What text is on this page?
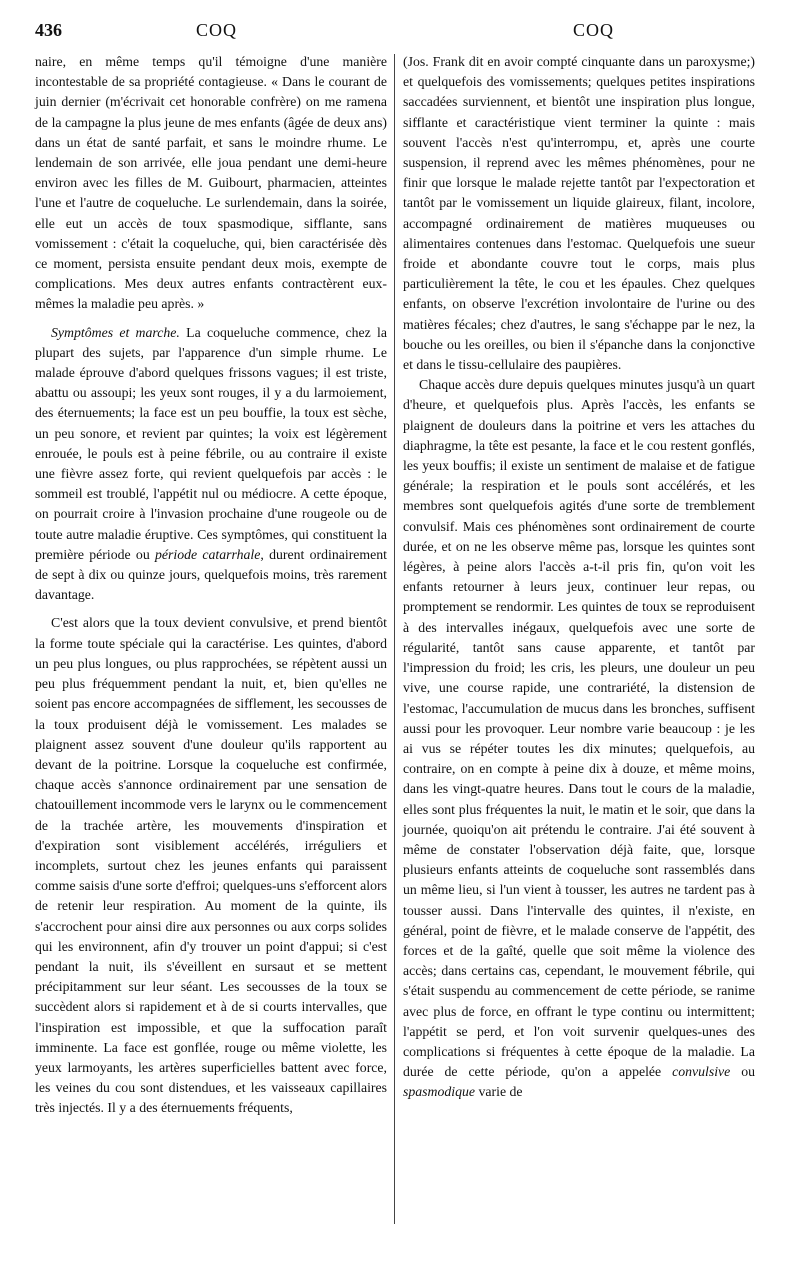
436	COQ	COQ

naire, en même temps qu'il témoigne d'une manière incontestable de sa propriété contagieuse. « Dans le courant de juin dernier (m'écrivait cet honorable confrère) on me ramena de la campagne la plus jeune de mes enfants (âgée de deux ans) dans un état de santé parfait, et sans le moindre rhume. Le lendemain de son arrivée, elle joua pendant une demi-heure environ avec les filles de M. Guibourt, pharmacien, atteintes l'une et l'autre de coqueluche. Le surlendemain, dans la soirée, elle eut un accès de toux spasmodique, sifflante, sans vomissement : c'était la coqueluche, qui, bien caractérisée dès ce moment, persista ensuite pendant deux mois, exempte de complications. Mes deux autres enfants contractèrent eux-mêmes la maladie peu après. »

Symptômes et marche. La coqueluche commence, chez la plupart des sujets, par l'apparence d'un simple rhume. Le malade éprouve d'abord quelques frissons vagues; il est triste, abattu ou assoupi; les yeux sont rouges, il y a du larmoiement, des éternuements; la face est un peu bouffie, la toux est sèche, un peu sonore, et revient par quintes; la voix est légèrement enrouée, le pouls est à peine fébrile, ou au contraire il existe une fièvre assez forte, qui revient quelquefois par accès : le sommeil est troublé, l'appétit nul ou médiocre. A cette époque, on pourrait croire à l'invasion prochaine d'une rougeole ou de toute autre maladie éruptive. Ces symptômes, qui constituent la première période ou période catarrhale, durent ordinairement de sept à dix ou quinze jours, quelquefois moins, très rarement davantage.

C'est alors que la toux devient convulsive, et prend bientôt la forme toute spéciale qui la caractérise. Les quintes, d'abord un peu plus longues, ou plus rapprochées, se répètent aussi un peu plus fréquemment pendant la nuit, et, bien qu'elles ne soient pas encore accompagnées de sifflement, les secousses de la toux produisent déjà le vomissement. Les malades se plaignent assez souvent d'une douleur qu'ils rapportent au devant de la poitrine. Lorsque la coqueluche est confirmée, chaque accès s'annonce ordinairement par une sensation de chatouillement incommode vers le larynx ou le commencement de la trachée artère, les mouvements d'inspiration et d'expiration sont visiblement accélérés, irréguliers et incomplets, surtout chez les jeunes enfants qui paraissent comme saisis d'une sorte d'effroi; quelques-uns s'efforcent alors de retenir leur respiration. Au moment de la quinte, ils s'accrochent pour ainsi dire aux personnes ou aux corps solides qui les environnent, afin d'y trouver un point d'appui; si c'est pendant la nuit, ils s'éveillent en sursaut et se mettent précipitamment sur leur séant. Les secousses de la toux se succèdent alors si rapidement et à de si courts intervalles, que l'inspiration est impossible, et que la suffocation paraît imminente. La face est gonflée, rouge ou même violette, les yeux larmoyants, les artères superficielles battent avec force, les veines du cou sont distendues, et les vaisseaux capillaires très injectés. Il y a des éternuements fréquents,

(Jos. Frank dit en avoir compté cinquante dans un paroxysme;) et quelquefois des vomissements; quelques petites inspirations saccadées surviennent, et bientôt une inspiration plus longue, sifflante et caractéristique vient terminer la quinte : mais souvent l'accès n'est qu'interrompu, et, après une courte suspension, il reprend avec les mêmes phénomènes, pour ne finir que lorsque le malade rejette tantôt par l'expectoration et tantôt par le vomissement un liquide glaireux, filant, incolore, accompagné ordinairement de matières muqueuses ou alimentaires contenues dans l'estomac. Quelquefois une sueur froide et abondante couvre tout le corps, mais plus particulièrement la tête, le cou et les épaules. Chez quelques enfants, on observe l'excrétion involontaire de l'urine ou des matières fécales; chez d'autres, le sang s'échappe par le nez, la bouche ou les oreilles, ou bien il s'épanche dans la conjonctive et dans le tissu-cellulaire des paupières.

Chaque accès dure depuis quelques minutes jusqu'à un quart d'heure, et quelquefois plus. Après l'accès, les enfants se plaignent de douleurs dans la poitrine et vers les attaches du diaphragme, la tête est pesante, la face et le cou restent gonflés, les yeux bouffis; il existe un sentiment de malaise et de fatigue générale; la respiration et le pouls sont accélérés, et les membres sont quelquefois agités d'une sorte de tremblement convulsif. Mais ces phénomènes sont ordinairement de courte durée, et on ne les observe même pas, lorsque les quintes sont légères, à peine alors l'accès a-t-il pris fin, qu'on voit les enfants retourner à leurs jeux, continuer leur repas, ou promptement se rendormir. Les quintes de toux se reproduisent à des intervalles inégaux, quelquefois avec une sorte de régularité, tantôt sans cause apparente, et tantôt par l'impression du froid; les cris, les pleurs, une douleur un peu vive, une course rapide, une contrariété, la distension de l'estomac, l'accumulation de mucus dans les bronches, suffisent aussi pour les provoquer. Leur nombre varie beaucoup : je les ai vus se répéter toutes les dix minutes; quelquefois, au contraire, on en compte à peine dix à douze, et même moins, dans les vingt-quatre heures. Dans tout le cours de la maladie, elles sont plus fréquentes la nuit, le matin et le soir, que dans la journée, quoiqu'on ait prétendu le contraire. J'ai été souvent à même de constater l'observation déjà faite, que, lorsque plusieurs enfants atteints de coqueluche sont rassemblés dans un même lieu, si l'un vient à tousser, les autres ne tardent pas à tousser aussi. Dans l'intervalle des quintes, il n'existe, en général, point de fièvre, et le malade conserve de l'appétit, des forces et de la gaîté, quelle que soit même la violence des accès; dans certains cas, cependant, le mouvement fébrile, qui s'était suspendu au commencement de cette période, se ranime avec plus de force, en offrant le type continu ou intermittent; l'appétit se perd, et l'on voit survenir quelques-unes des complications si fréquentes à cette époque de la maladie. La durée de cette période, qu'on a appelée convulsive ou spasmodique varie de
